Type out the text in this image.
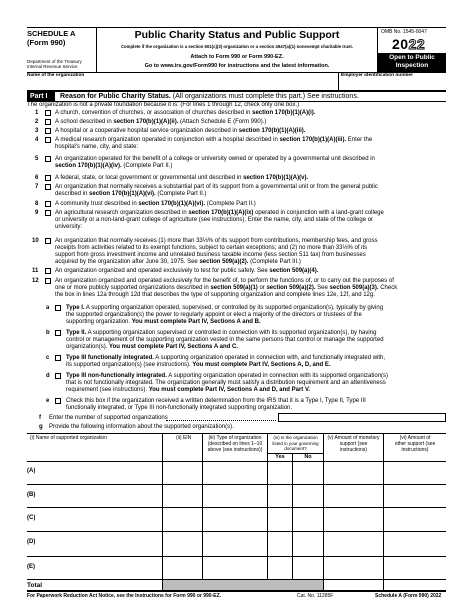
SCHEDULE A
(Form 990)
Department of the Treasury
Internal Revenue Service
Public Charity Status and Public Support
Complete if the organization is a section 501(c)(3) organization or a section 4947(a)(1) nonexempt charitable trust.
Attach to Form 990 or Form 990-EZ.
Go to www.irs.gov/Form990 for instructions and the latest information.
OMB No. 1545-0047
2022
Open to Public
Inspection
Name of the organization	Employer identification number
Part I	Reason for Public Charity Status. (All organizations must complete this part.) See instructions.
The organization is not a private foundation because it is: (For lines 1 through 12, check only one box.)
1	A church, convention of churches, or association of churches described in section 170(b)(1)(A)(i).
2	A school described in section 170(b)(1)(A)(ii). (Attach Schedule E (Form 990).)
3	A hospital or a cooperative hospital service organization described in section 170(b)(1)(A)(iii).
4	A medical research organization operated in conjunction with a hospital described in section 170(b)(1)(A)(iii). Enter the
hospital's name, city, and state:
5	An organization operated for the benefit of a college or university owned or operated by a governmental unit described in
section 170(b)(1)(A)(iv). (Complete Part II.)
6	A federal, state, or local government or governmental unit described in section 170(b)(1)(A)(v).
7	An organization that normally receives a substantial part of its support from a governmental unit or from the general public
described in section 170(b)(1)(A)(vi). (Complete Part II.)
8	A community trust described in section 170(b)(1)(A)(vi). (Complete Part II.)
9	An agricultural research organization described in section 170(b)(1)(A)(ix) operated in conjunction with a land-grant college
or university or a non-land-grant college of agriculture (see instructions). Enter the name, city, and state of the college or
university:
10	An organization that normally receives (1) more than 33⅓% of its support from contributions, membership fees, and gross
receipts from activities related to its exempt functions, subject to certain exceptions; and (2) no more than 33⅓% of its
support from gross investment income and unrelated business taxable income (less section 511 tax) from businesses
acquired by the organization after June 30, 1975. See section 509(a)(2). (Complete Part III.)
11	An organization organized and operated exclusively to test for public safety. See section 509(a)(4).
12	An organization organized and operated exclusively for the benefit of, to perform the functions of, or to carry out the purposes of
one or more publicly supported organizations described in section 509(a)(1) or section 509(a)(2). See section 509(a)(3). Check
the box in lines 12a through 12d that describes the type of supporting organization and complete lines 12e, 12f, and 12g.
a	Type I. A supporting organization operated, supervised, or controlled by its supported organization(s), typically by giving
the supported organization(s) the power to regularly appoint or elect a majority of the directors or trustees of the
supporting organization. You must complete Part IV, Sections A and B.
b	Type II. A supporting organization supervised or controlled in connection with its supported organization(s), by having
control or management of the supporting organization vested in the same persons that control or manage the supported
organization(s). You must complete Part IV, Sections A and C.
c	Type III functionally integrated. A supporting organization operated in connection with, and functionally integrated with,
its supported organization(s) (see instructions). You must complete Part IV, Sections A, D, and E.
d	Type III non-functionally integrated. A supporting organization operated in connection with its supported organization(s)
that is not functionally integrated. The organization generally must satisfy a distribution requirement and an attentiveness
requirement (see instructions). You must complete Part IV, Sections A and D, and Part V.
e	Check this box if the organization received a written determination from the IRS that it is a Type I, Type II, Type III
functionally integrated, or Type III non-functionally integrated supporting organization.
f Enter the number of supported organizations
g Provide the following information about the supported organization(s).
(i) Name of supported organization	(ii) EIN	(iii) Type of organization
(described on lines 1–10
above (see instructions))
(iv) Is the organization
listed in your governing
document?
Yes	No
(v) Amount of monetary
support (see
instructions)
(vi) Amount of
other support (see
instructions)
(A)
(B)
(C)
(D)
(E)
Total
For Paperwork Reduction Act Notice, see the Instructions for Form 990 or 990-EZ.	Cat. No. 11285F	Schedule A (Form 990) 2022
